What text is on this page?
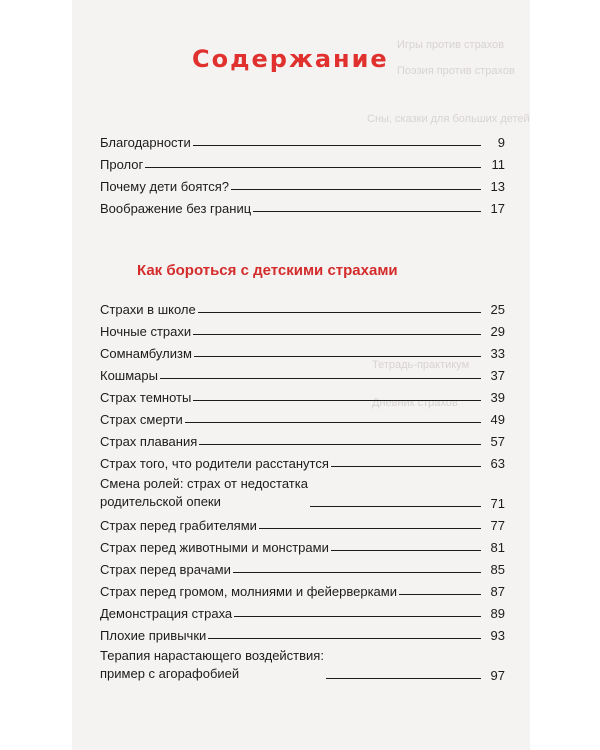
Игры против страхов
Поэзия против страхов
Сны, сказки для больших детей
Тетрадь-практикум
Дневник страхов
Содержание
Благодарности	9
Пролог	11
Почему дети боятся?	13
Воображение без границ	17
Как бороться с детскими страхами
Страхи в школе	25
Ночные страхи	29
Сомнамбулизм	33
Кошмары	37
Страх темноты	39
Страх смерти	49
Страх плавания	57
Страх того, что родители расстанутся	63
Смена ролей: страх от недостатка
родительской опеки	71
Страх перед грабителями	77
Страх перед животными и монстрами	81
Страх перед врачами	85
Страх перед громом, молниями и фейерверками	87
Демонстрация страха	89
Плохие привычки	93
Терапия нарастающего воздействия:
пример с агорафобией	97
